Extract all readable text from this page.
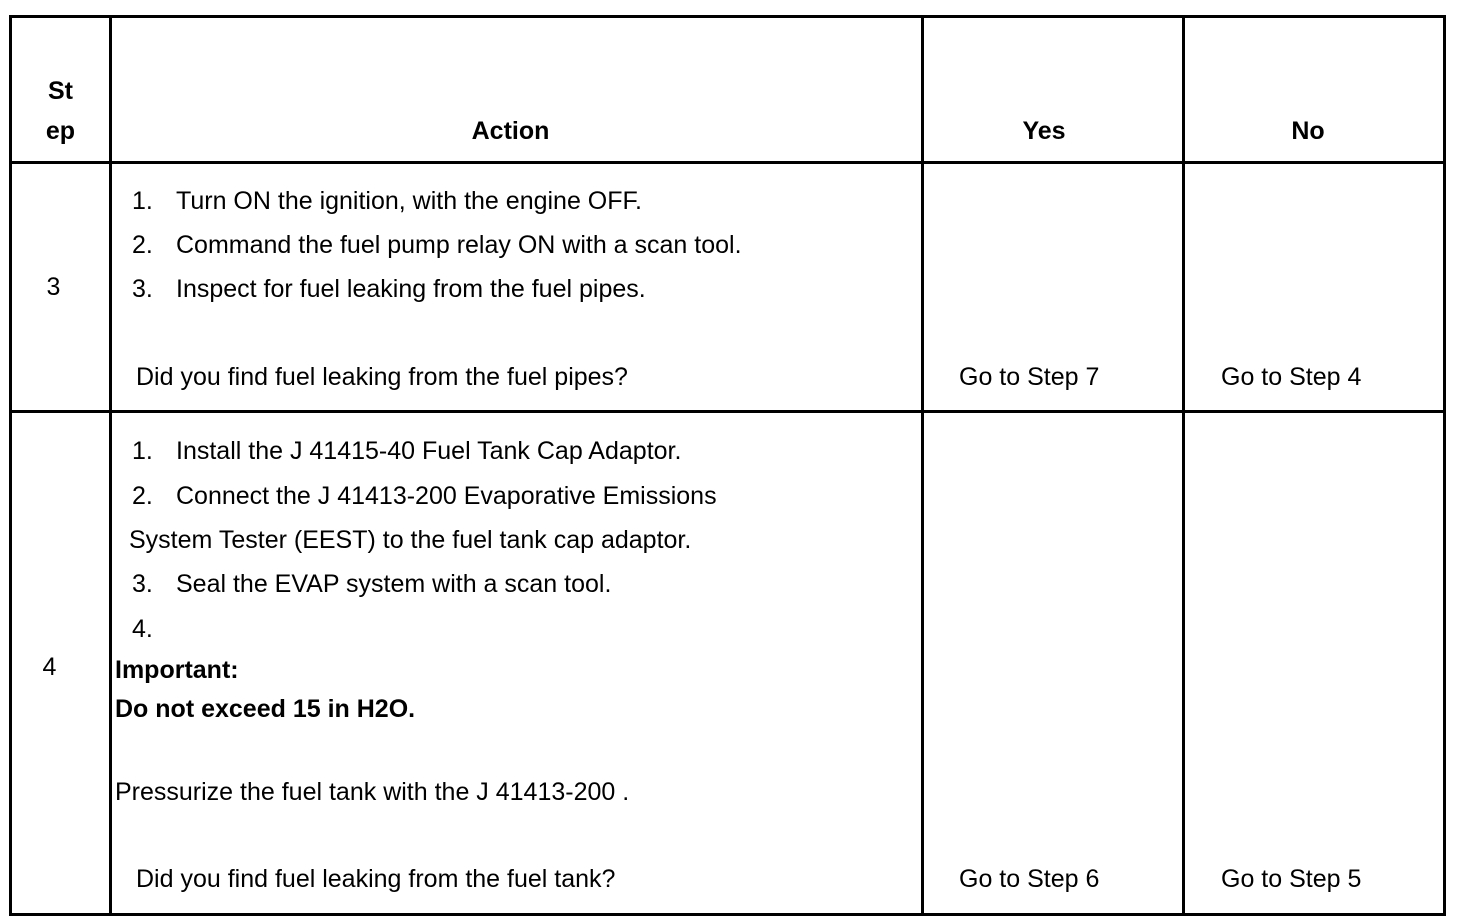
St
ep	Action	Yes	No
3
1. Turn ON the ignition, with the engine OFF.
2. Command the fuel pump relay ON with a scan tool.
3. Inspect for fuel leaking from the fuel pipes.
Did you find fuel leaking from the fuel pipes?	Go to Step 7	Go to Step 4
4
1. Install the J 41415-40 Fuel Tank Cap Adaptor.
2. Connect the J 41413-200 Evaporative Emissions
System Tester (EEST) to the fuel tank cap adaptor.
3. Seal the EVAP system with a scan tool.
4.
Important:
Do not exceed 15 in H2O.
Pressurize the fuel tank with the J 41413-200 .
Did you find fuel leaking from the fuel tank?	Go to Step 6	Go to Step 5
